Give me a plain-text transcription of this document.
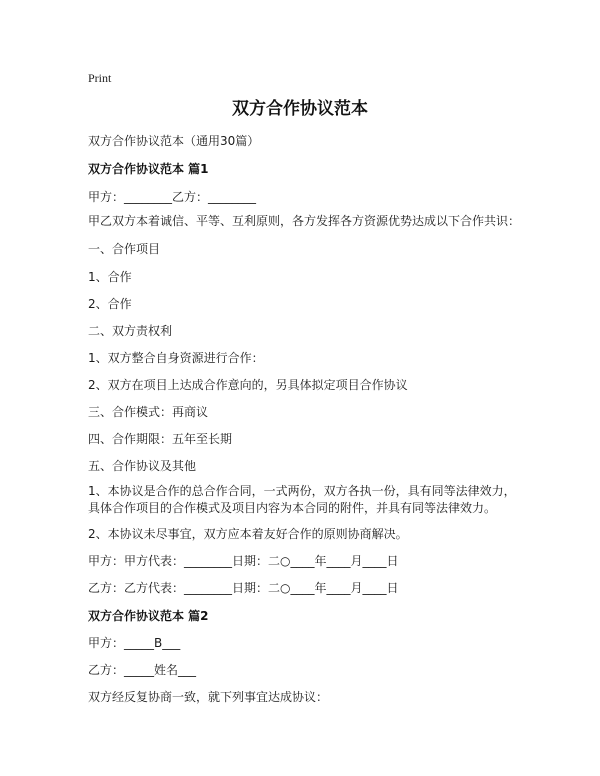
Print
双方合作协议范本
双方合作协议范本（通用30篇）
双方合作协议范本 篇1
甲方：________乙方：________
甲乙双方本着诚信、平等、互利原则，各方发挥各方资源优势达成以下合作共识：
一、合作项目
1、合作
2、合作
二、双方责权利
1、双方整合自身资源进行合作：
2、双方在项目上达成合作意向的，另具体拟定项目合作协议
三、合作模式：再商议
四、合作期限：五年至长期
五、合作协议及其他
1、本协议是合作的总合作合同，一式两份，双方各执一份，具有同等法律效力，具体合作项目的合作模式及项目内容为本合同的附件，并具有同等法律效力。
2、本协议未尽事宜，双方应本着友好合作的原则协商解决。
甲方：甲方代表：________日期：二○____年____月____日
乙方：乙方代表：________日期：二○____年____月____日
双方合作协议范本 篇2
甲方：_____B___
乙方：_____姓名___
双方经反复协商一致，就下列事宜达成协议：
